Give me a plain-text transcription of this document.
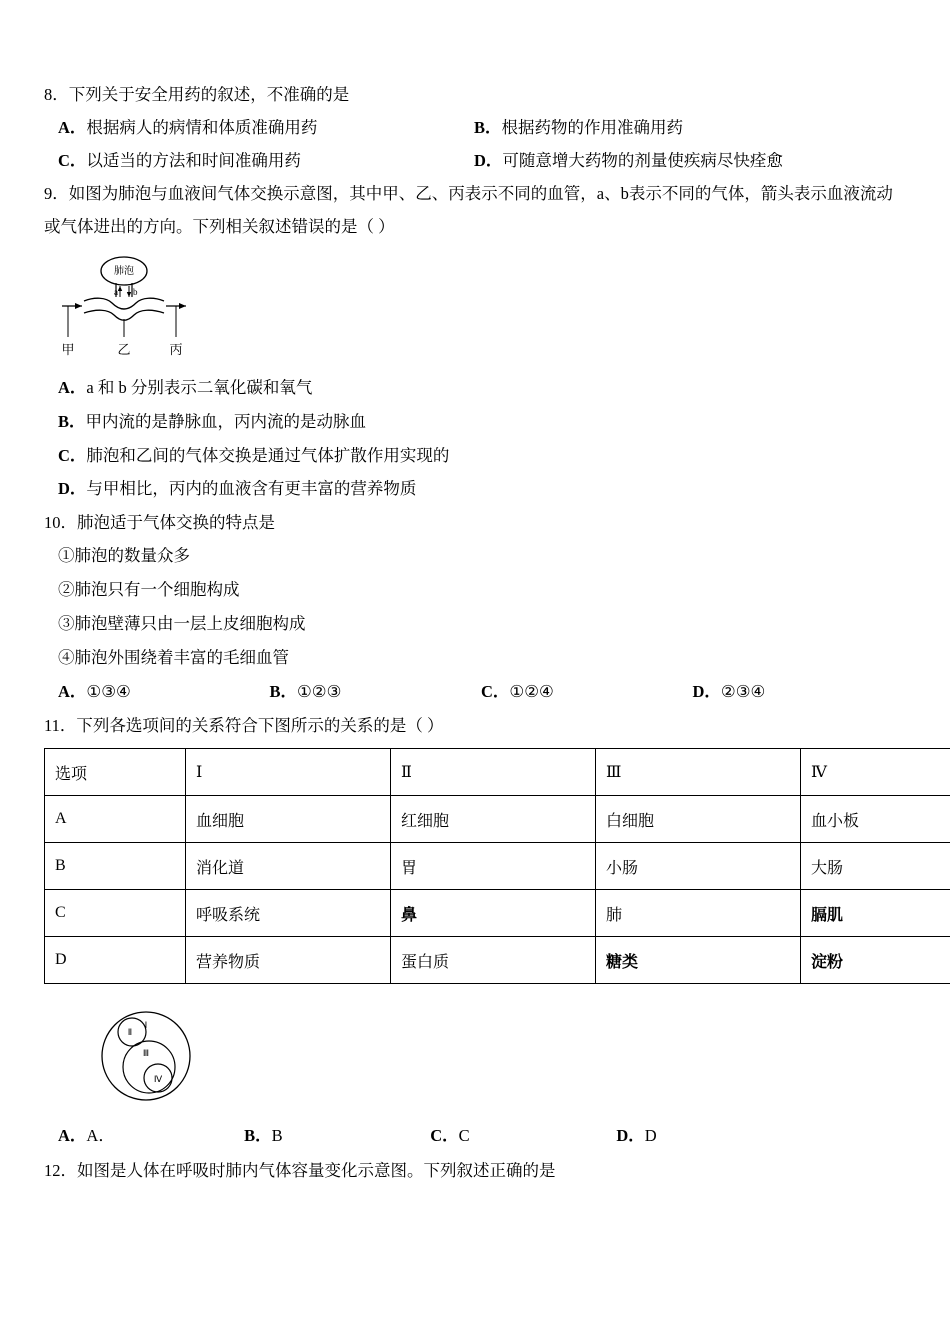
8．下列关于安全用药的叙述，不准确的是
A．根据病人的病情和体质准确用药	B．根据药物的作用准确用药
C．以适当的方法和时间准确用药	D．可随意增大药物的剂量使疾病尽快痊愈
9．如图为肺泡与血液间气体交换示意图，其中甲、乙、丙表示不同的血管，a、b表示不同的气体，箭头表示血液流动
或气体进出的方向。下列相关叙述错误的是（ ）
肺泡
a b
甲	乙	丙
A．a 和 b 分别表示二氧化碳和氧气
B．甲内流的是静脉血，丙内流的是动脉血
C．肺泡和乙间的气体交换是通过气体扩散作用实现的
D．与甲相比，丙内的血液含有更丰富的营养物质
10．肺泡适于气体交换的特点是
①肺泡的数量众多
②肺泡只有一个细胞构成
③肺泡壁薄只由一层上皮细胞构成
④肺泡外围绕着丰富的毛细血管
A．①③④	B．①②③	C．①②④	D．②③④
11．下列各选项间的关系符合下图所示的关系的是（ ）
选项	Ⅰ	Ⅱ	Ⅲ	Ⅳ
A	血细胞	红细胞	白细胞	血小板
B	消化道	胃	小肠	大肠
C	呼吸系统	鼻	肺	膈肌
D	营养物质	蛋白质	糖类	淀粉
Ⅰ
Ⅱ
Ⅲ
Ⅳ
A．A．	B．B	C．C	D．D
12．如图是人体在呼吸时肺内气体容量变化示意图。下列叙述正确的是
